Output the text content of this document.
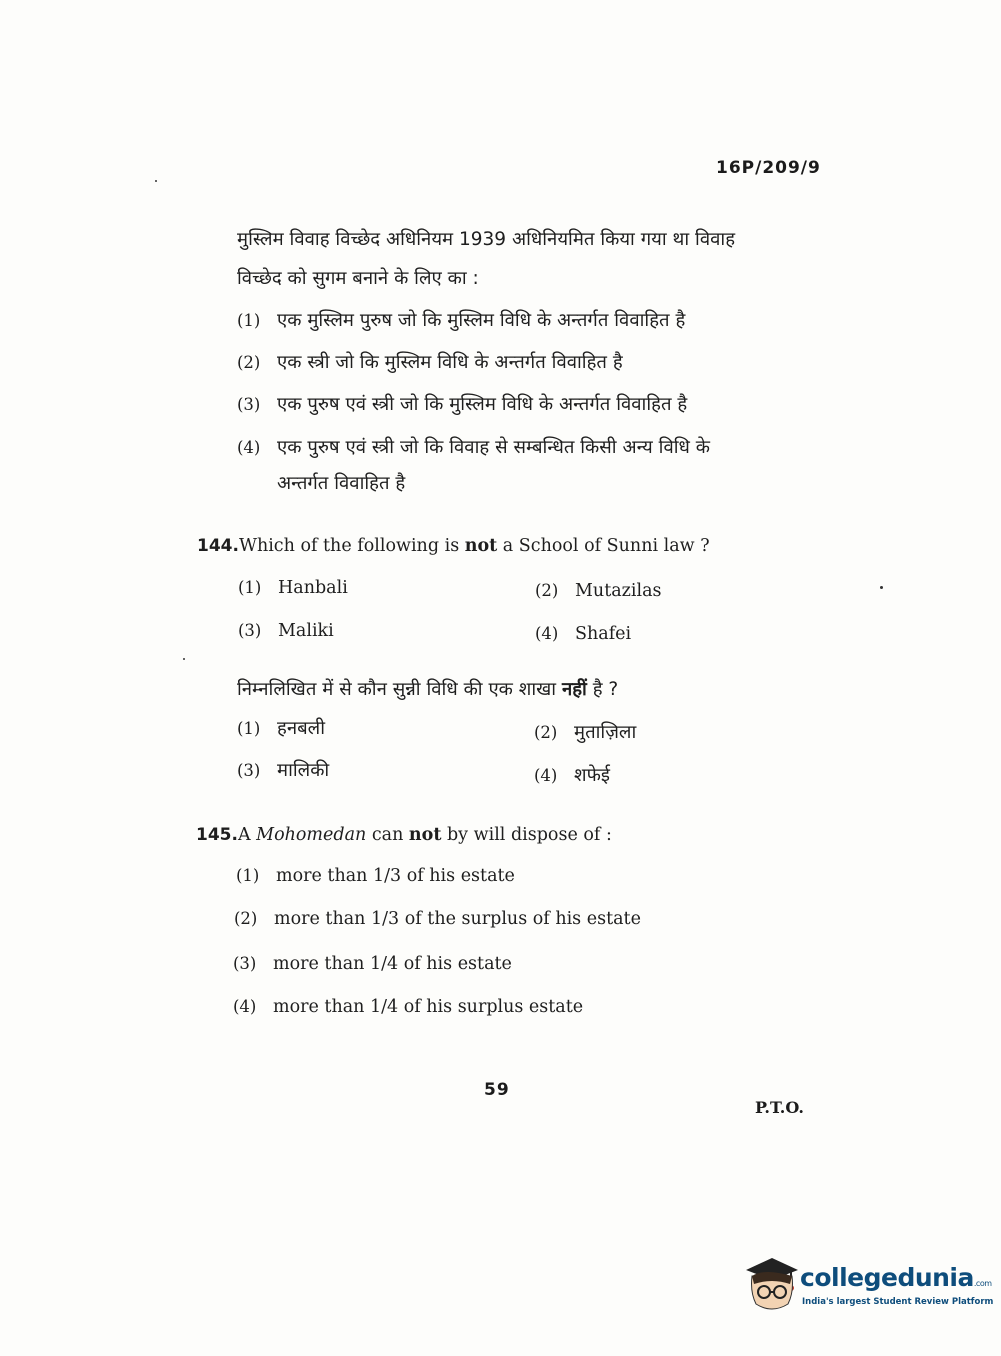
16P/209/9
मुस्लिम विवाह विच्छेद अधिनियम 1939 अधिनियमित किया गया था विवाह
विच्छेद को सुगम बनाने के लिए का :
(1) एक मुस्लिम पुरुष जो कि मुस्लिम विधि के अन्तर्गत विवाहित है
(2) एक स्त्री जो कि मुस्लिम विधि के अन्तर्गत विवाहित है
(3) एक पुरुष एवं स्त्री जो कि मुस्लिम विधि के अन्तर्गत विवाहित है
(4) एक पुरुष एवं स्त्री जो कि विवाह से सम्बन्धित किसी अन्य विधि के
अन्तर्गत विवाहित है
144.Which of the following is not a School of Sunni law ?
(1) Hanbali	(2) Mutazilas
(3) Maliki	(4) Shafei
निम्नलिखित में से कौन सुन्नी विधि की एक शाखा नहीं है ?
(1) हनबली	(2) मुताज़िला
(3) मालिकी	(4) शफेई
145.A Mohomedan can not by will dispose of :
(1) more than 1/3 of his estate
(2) more than 1/3 of the surplus of his estate
(3) more than 1/4 of his estate
(4) more than 1/4 of his surplus estate
59
P.T.O.
collegedunia.com
India's largest Student Review Platform
